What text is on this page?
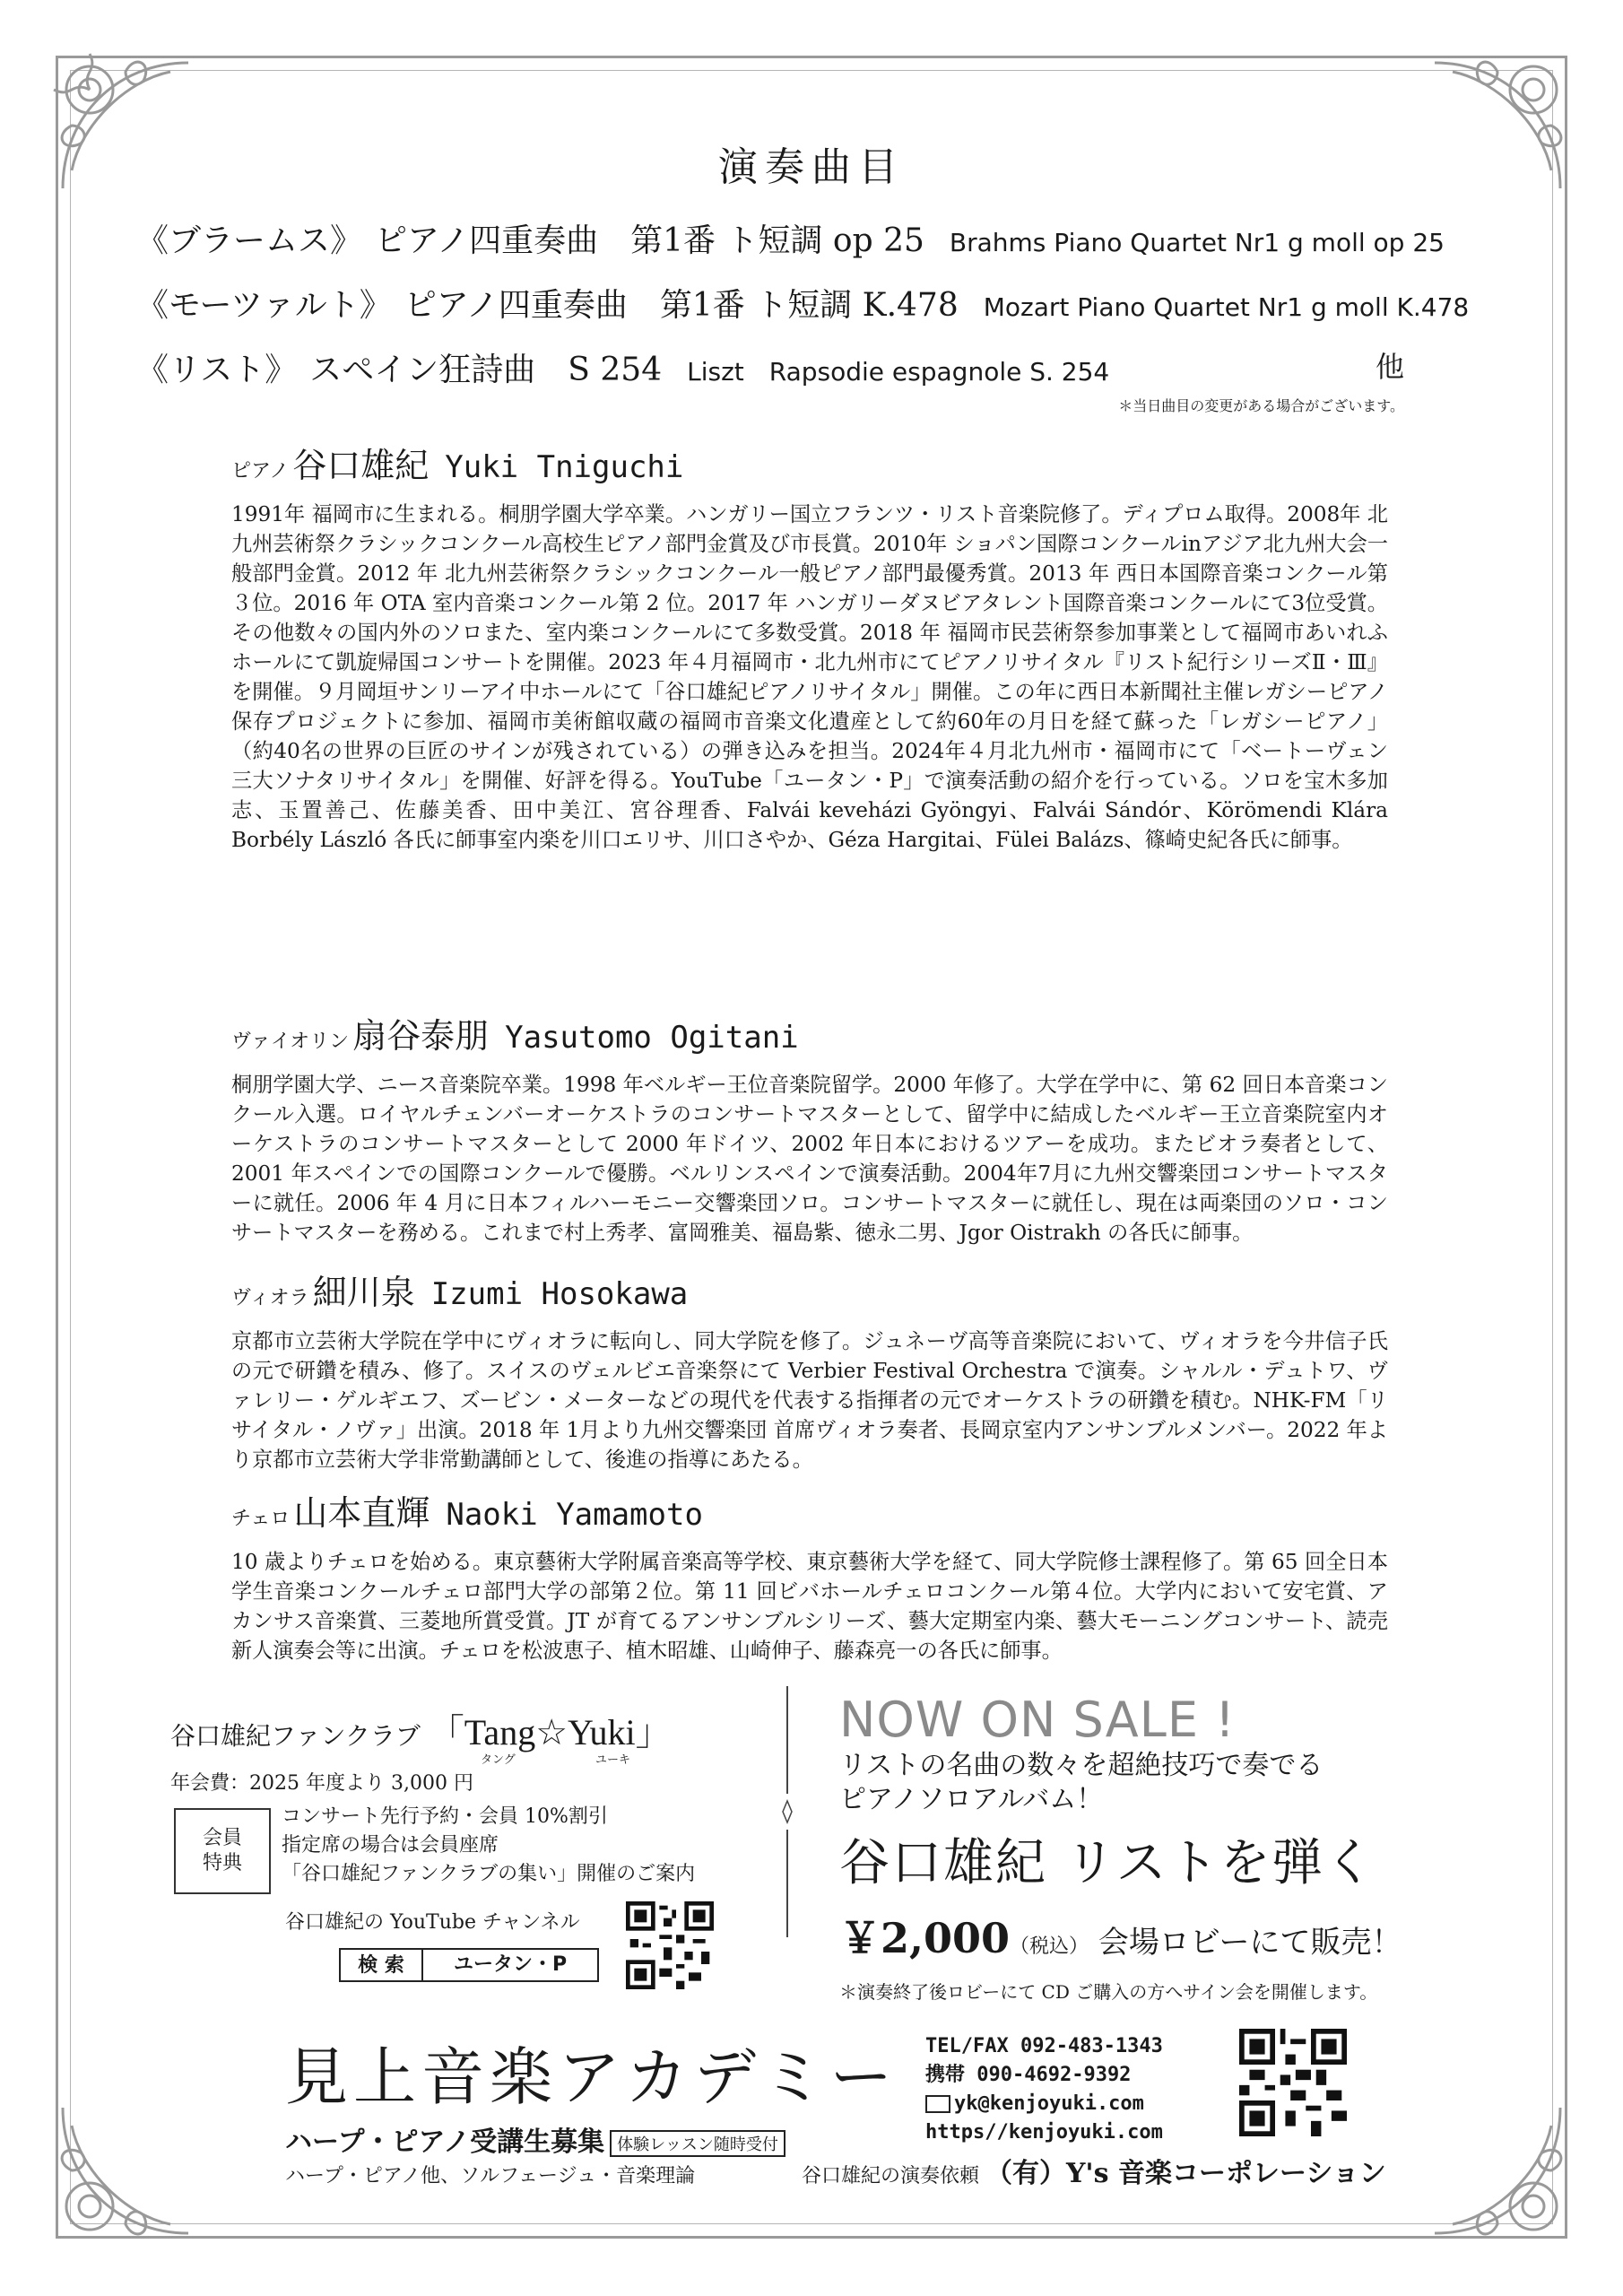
演奏曲目
《ブラームス》 ピアノ四重奏曲　第1番 ト短調 op 25 Brahms Piano Quartet Nr1 g moll op 25
《モーツァルト》 ピアノ四重奏曲　第1番 ト短調 K.478 Mozart Piano Quartet Nr1 g moll K.478
《リスト》 スペイン狂詩曲　S 254 Liszt　Rapsodie espagnole S. 254	他
＊当日曲目の変更がある場合がございます。
ピアノ 谷口雄紀 Yuki Tniguchi
1991年 福岡市に生まれる。桐朋学園大学卒業。ハンガリー国立フランツ・リスト音楽院修了。ディプロム取得。2008年 北九州芸術祭クラシックコンクール高校生ピアノ部門金賞及び市長賞。2010年 ショパン国際コンクールinアジア北九州大会一般部門金賞。2012 年 北九州芸術祭クラシックコンクール一般ピアノ部門最優秀賞。2013 年 西日本国際音楽コンクール第３位。2016 年 OTA 室内音楽コンクール第 2 位。2017 年 ハンガリーダヌビアタレント国際音楽コンクールにて3位受賞。その他数々の国内外のソロまた、室内楽コンクールにて多数受賞。2018 年 福岡市民芸術祭参加事業として福岡市あいれふホールにて凱旋帰国コンサートを開催。2023 年４月福岡市・北九州市にてピアノリサイタル『リスト紀行シリーズⅡ・Ⅲ』を開催。９月岡垣サンリーアイ中ホールにて「谷口雄紀ピアノリサイタル」開催。この年に西日本新聞社主催レガシーピアノ保存プロジェクトに参加、福岡市美術館収蔵の福岡市音楽文化遺産として約60年の月日を経て蘇った「レガシーピアノ」（約40名の世界の巨匠のサインが残されている）の弾き込みを担当。2024年４月北九州市・福岡市にて「ベートーヴェン三大ソナタリサイタル」を開催、好評を得る。YouTube「ユータン・P」で演奏活動の紹介を行っている。ソロを宝木多加志、玉置善己、佐藤美香、田中美江、宮谷理香、Falvái keveházi Gyöngyi、Falvái Sándór、Körömendi Klára Borbély László 各氏に師事室内楽を川口エリサ、川口さやか、Géza Hargitai、Fülei Balázs、篠崎史紀各氏に師事。
ヴァイオリン 扇谷泰朋 Yasutomo Ogitani
桐朋学園大学、ニース音楽院卒業。1998 年ベルギー王位音楽院留学。2000 年修了。大学在学中に、第 62 回日本音楽コンクール入選。ロイヤルチェンバーオーケストラのコンサートマスターとして、留学中に結成したベルギー王立音楽院室内オーケストラのコンサートマスターとして 2000 年ドイツ、2002 年日本におけるツアーを成功。またビオラ奏者として、2001 年スペインでの国際コンクールで優勝。ベルリンスペインで演奏活動。2004年7月に九州交響楽団コンサートマスターに就任。2006 年 4 月に日本フィルハーモニー交響楽団ソロ。コンサートマスターに就任し、現在は両楽団のソロ・コンサートマスターを務める。これまで村上秀孝、富岡雅美、福島紫、徳永二男、Jgor Oistrakh の各氏に師事。
ヴィオラ 細川泉 Izumi Hosokawa
京都市立芸術大学院在学中にヴィオラに転向し、同大学院を修了。ジュネーヴ高等音楽院において、ヴィオラを今井信子氏の元で研鑽を積み、修了。スイスのヴェルビエ音楽祭にて Verbier Festival Orchestra で演奏。シャルル・デュトワ、ヴァレリー・ゲルギエフ、ズービン・メーターなどの現代を代表する指揮者の元でオーケストラの研鑽を積む。NHK-FM「リサイタル・ノヴァ」出演。2018 年 1月より九州交響楽団 首席ヴィオラ奏者、長岡京室内アンサンブルメンバー。2022 年より京都市立芸術大学非常勤講師として、後進の指導にあたる。
チェロ 山本直輝 Naoki Yamamoto
10 歳よりチェロを始める。東京藝術大学附属音楽高等学校、東京藝術大学を経て、同大学院修士課程修了。第 65 回全日本学生音楽コンクールチェロ部門大学の部第２位。第 11 回ビバホールチェロコンクール第４位。大学内において安宅賞、アカンサス音楽賞、三菱地所賞受賞。JT が育てるアンサンブルシリーズ、藝大定期室内楽、藝大モーニングコンサート、読売新人演奏会等に出演。チェロを松波恵子、植木昭雄、山崎伸子、藤森亮一の各氏に師事。
谷口雄紀ファンクラブ 「Tang☆Yuki」
タング	ユーキ
年会費：2025 年度より 3,000 円
会員
特典
コンサート先行予約・会員 10%割引
指定席の場合は会員座席
「谷口雄紀ファンクラブの集い」開催のご案内
谷口雄紀の YouTube チャンネル
検 索	ユータン・P
NOW ON SALE !
リストの名曲の数々を超絶技巧で奏でる
ピアノソロアルバム！
谷口雄紀 リストを弾く
￥2,000（税込） 会場ロビーにて販売！
＊演奏終了後ロビーにて CD ご購入の方へサイン会を開催します。
見上音楽アカデミー
ハープ・ピアノ受講生募集 体験レッスン随時受付
ハープ・ピアノ他、ソルフェージュ・音楽理論
TEL/FAX 092-483-1343
携帯 090-4692-9392
yk@kenjoyuki.com
https//kenjoyuki.com
谷口雄紀の演奏依頼 （有）Y's 音楽コーポレーション
